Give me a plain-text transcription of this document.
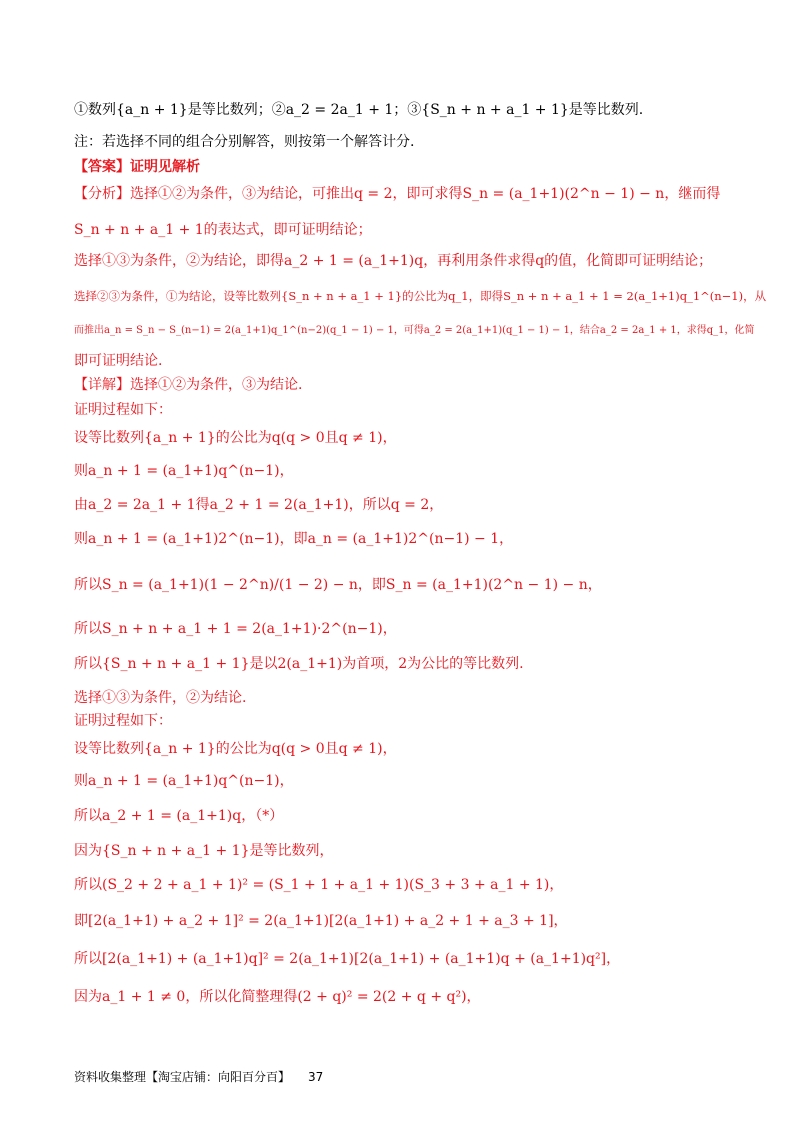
①数列{a_n + 1}是等比数列；②a_2 = 2a_1 + 1；③{S_n + n + a_1 + 1}是等比数列.
注：若选择不同的组合分别解答，则按第一个解答计分.
【答案】证明见解析
【分析】选择①②为条件，③为结论，可推出q = 2，即可求得S_n = (a_1+1)(2^n − 1) − n，继而得
S_n + n + a_1 + 1的表达式，即可证明结论；
选择①③为条件，②为结论，即得a_2 + 1 = (a_1+1)q，再利用条件求得q的值，化简即可证明结论；
选择②③为条件，①为结论，设等比数列{S_n + n + a_1 + 1}的公比为q_1，即得S_n + n + a_1 + 1 = 2(a_1+1)q_1^(n−1)，从
而推出a_n = S_n − S_(n−1) = 2(a_1+1)q_1^(n−2)(q_1 − 1) − 1，可得a_2 = 2(a_1+1)(q_1 − 1) − 1，结合a_2 = 2a_1 + 1，求得q_1，化简
即可证明结论.
【详解】选择①②为条件，③为结论.
证明过程如下：
设等比数列{a_n + 1}的公比为q(q > 0且q ≠ 1)，
则a_n + 1 = (a_1+1)q^(n−1)，
由a_2 = 2a_1 + 1得a_2 + 1 = 2(a_1+1)，所以q = 2，
则a_n + 1 = (a_1+1)2^(n−1)，即a_n = (a_1+1)2^(n−1) − 1，
所以S_n = (a_1+1)(1 − 2^n)/(1 − 2) − n，即S_n = (a_1+1)(2^n − 1) − n，
所以S_n + n + a_1 + 1 = 2(a_1+1)·2^(n−1)，
所以{S_n + n + a_1 + 1}是以2(a_1+1)为首项，2为公比的等比数列.
选择①③为条件，②为结论.
证明过程如下：
设等比数列{a_n + 1}的公比为q(q > 0且q ≠ 1)，
则a_n + 1 = (a_1+1)q^(n−1)，
所以a_2 + 1 = (a_1+1)q，（*）
因为{S_n + n + a_1 + 1}是等比数列，
所以(S_2 + 2 + a_1 + 1)² = (S_1 + 1 + a_1 + 1)(S_3 + 3 + a_1 + 1)，
即[2(a_1+1) + a_2 + 1]² = 2(a_1+1)[2(a_1+1) + a_2 + 1 + a_3 + 1]，
所以[2(a_1+1) + (a_1+1)q]² = 2(a_1+1)[2(a_1+1) + (a_1+1)q + (a_1+1)q²]，
因为a_1 + 1 ≠ 0，所以化简整理得(2 + q)² = 2(2 + q + q²)，
资料收集整理【淘宝店铺：向阳百分百】 37
